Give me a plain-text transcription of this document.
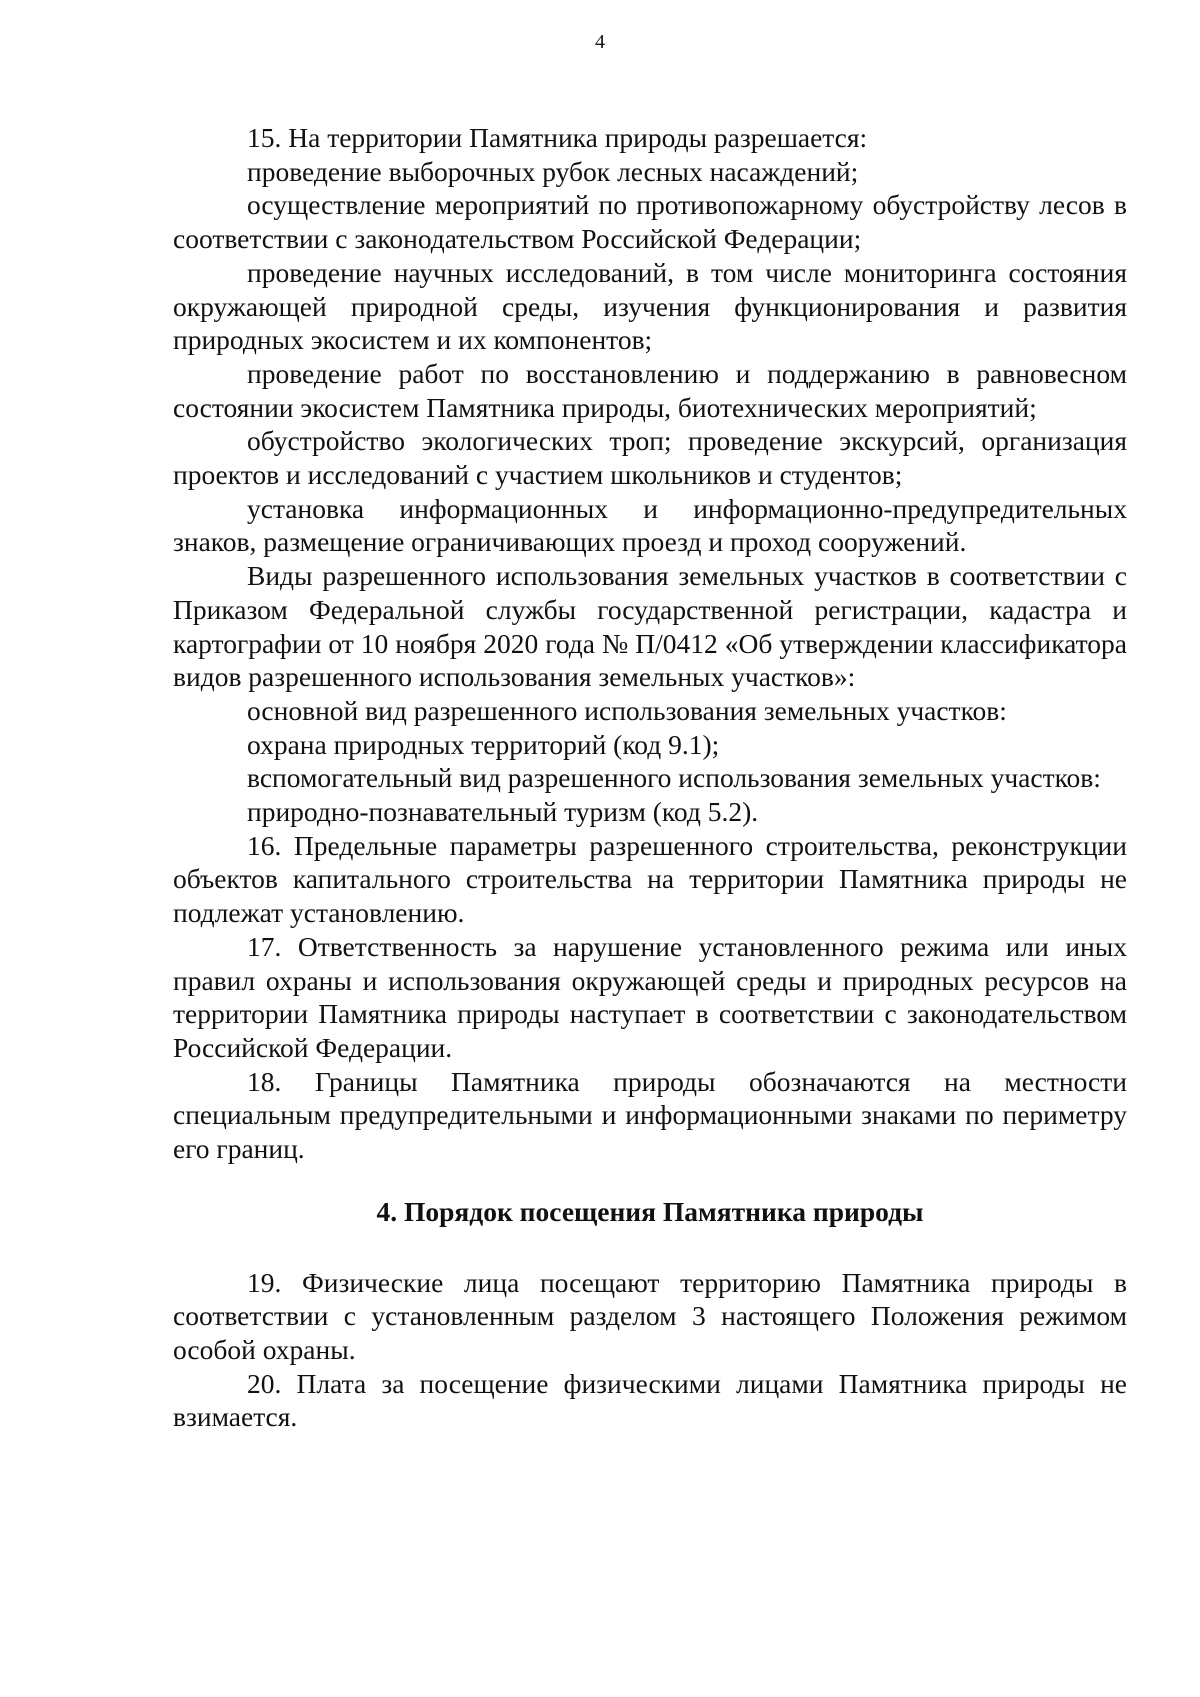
4

15. На территории Памятника природы разрешается:

проведение выборочных рубок лесных насаждений;

осуществление мероприятий по противопожарному обустройству лесов в соответствии с законодательством Российской Федерации;

проведение научных исследований, в том числе мониторинга состояния окружающей природной среды, изучения функционирования и развития природных экосистем и их компонентов;

проведение работ по восстановлению и поддержанию в равновесном состоянии экосистем Памятника природы, биотехнических мероприятий;

обустройство экологических троп; проведение экскурсий, организация проектов и исследований с участием школьников и студентов;

установка информационных и информационно-предупредительных знаков, размещение ограничивающих проезд и проход сооружений.

Виды разрешенного использования земельных участков в соответствии с Приказом Федеральной службы государственной регистрации, кадастра и картографии от 10 ноября 2020 года № П/0412 «Об утверждении классификатора видов разрешенного использования земельных участков»:

основной вид разрешенного использования земельных участков:

охрана природных территорий (код 9.1);

вспомогательный вид разрешенного использования земельных участков:

природно-познавательный туризм (код 5.2).

16. Предельные параметры разрешенного строительства, реконструкции объектов капитального строительства на территории Памятника природы не подлежат установлению.

17. Ответственность за нарушение установленного режима или иных правил охраны и использования окружающей среды и природных ресурсов на территории Памятника природы наступает в соответствии с законодательством Российской Федерации.

18. Границы Памятника природы обозначаются на местности специальным предупредительными и информационными знаками по периметру его границ.

4. Порядок посещения Памятника природы

19. Физические лица посещают территорию Памятника природы в соответствии с установленным разделом 3 настоящего Положения режимом особой охраны.

20. Плата за посещение физическими лицами Памятника природы не взимается.
